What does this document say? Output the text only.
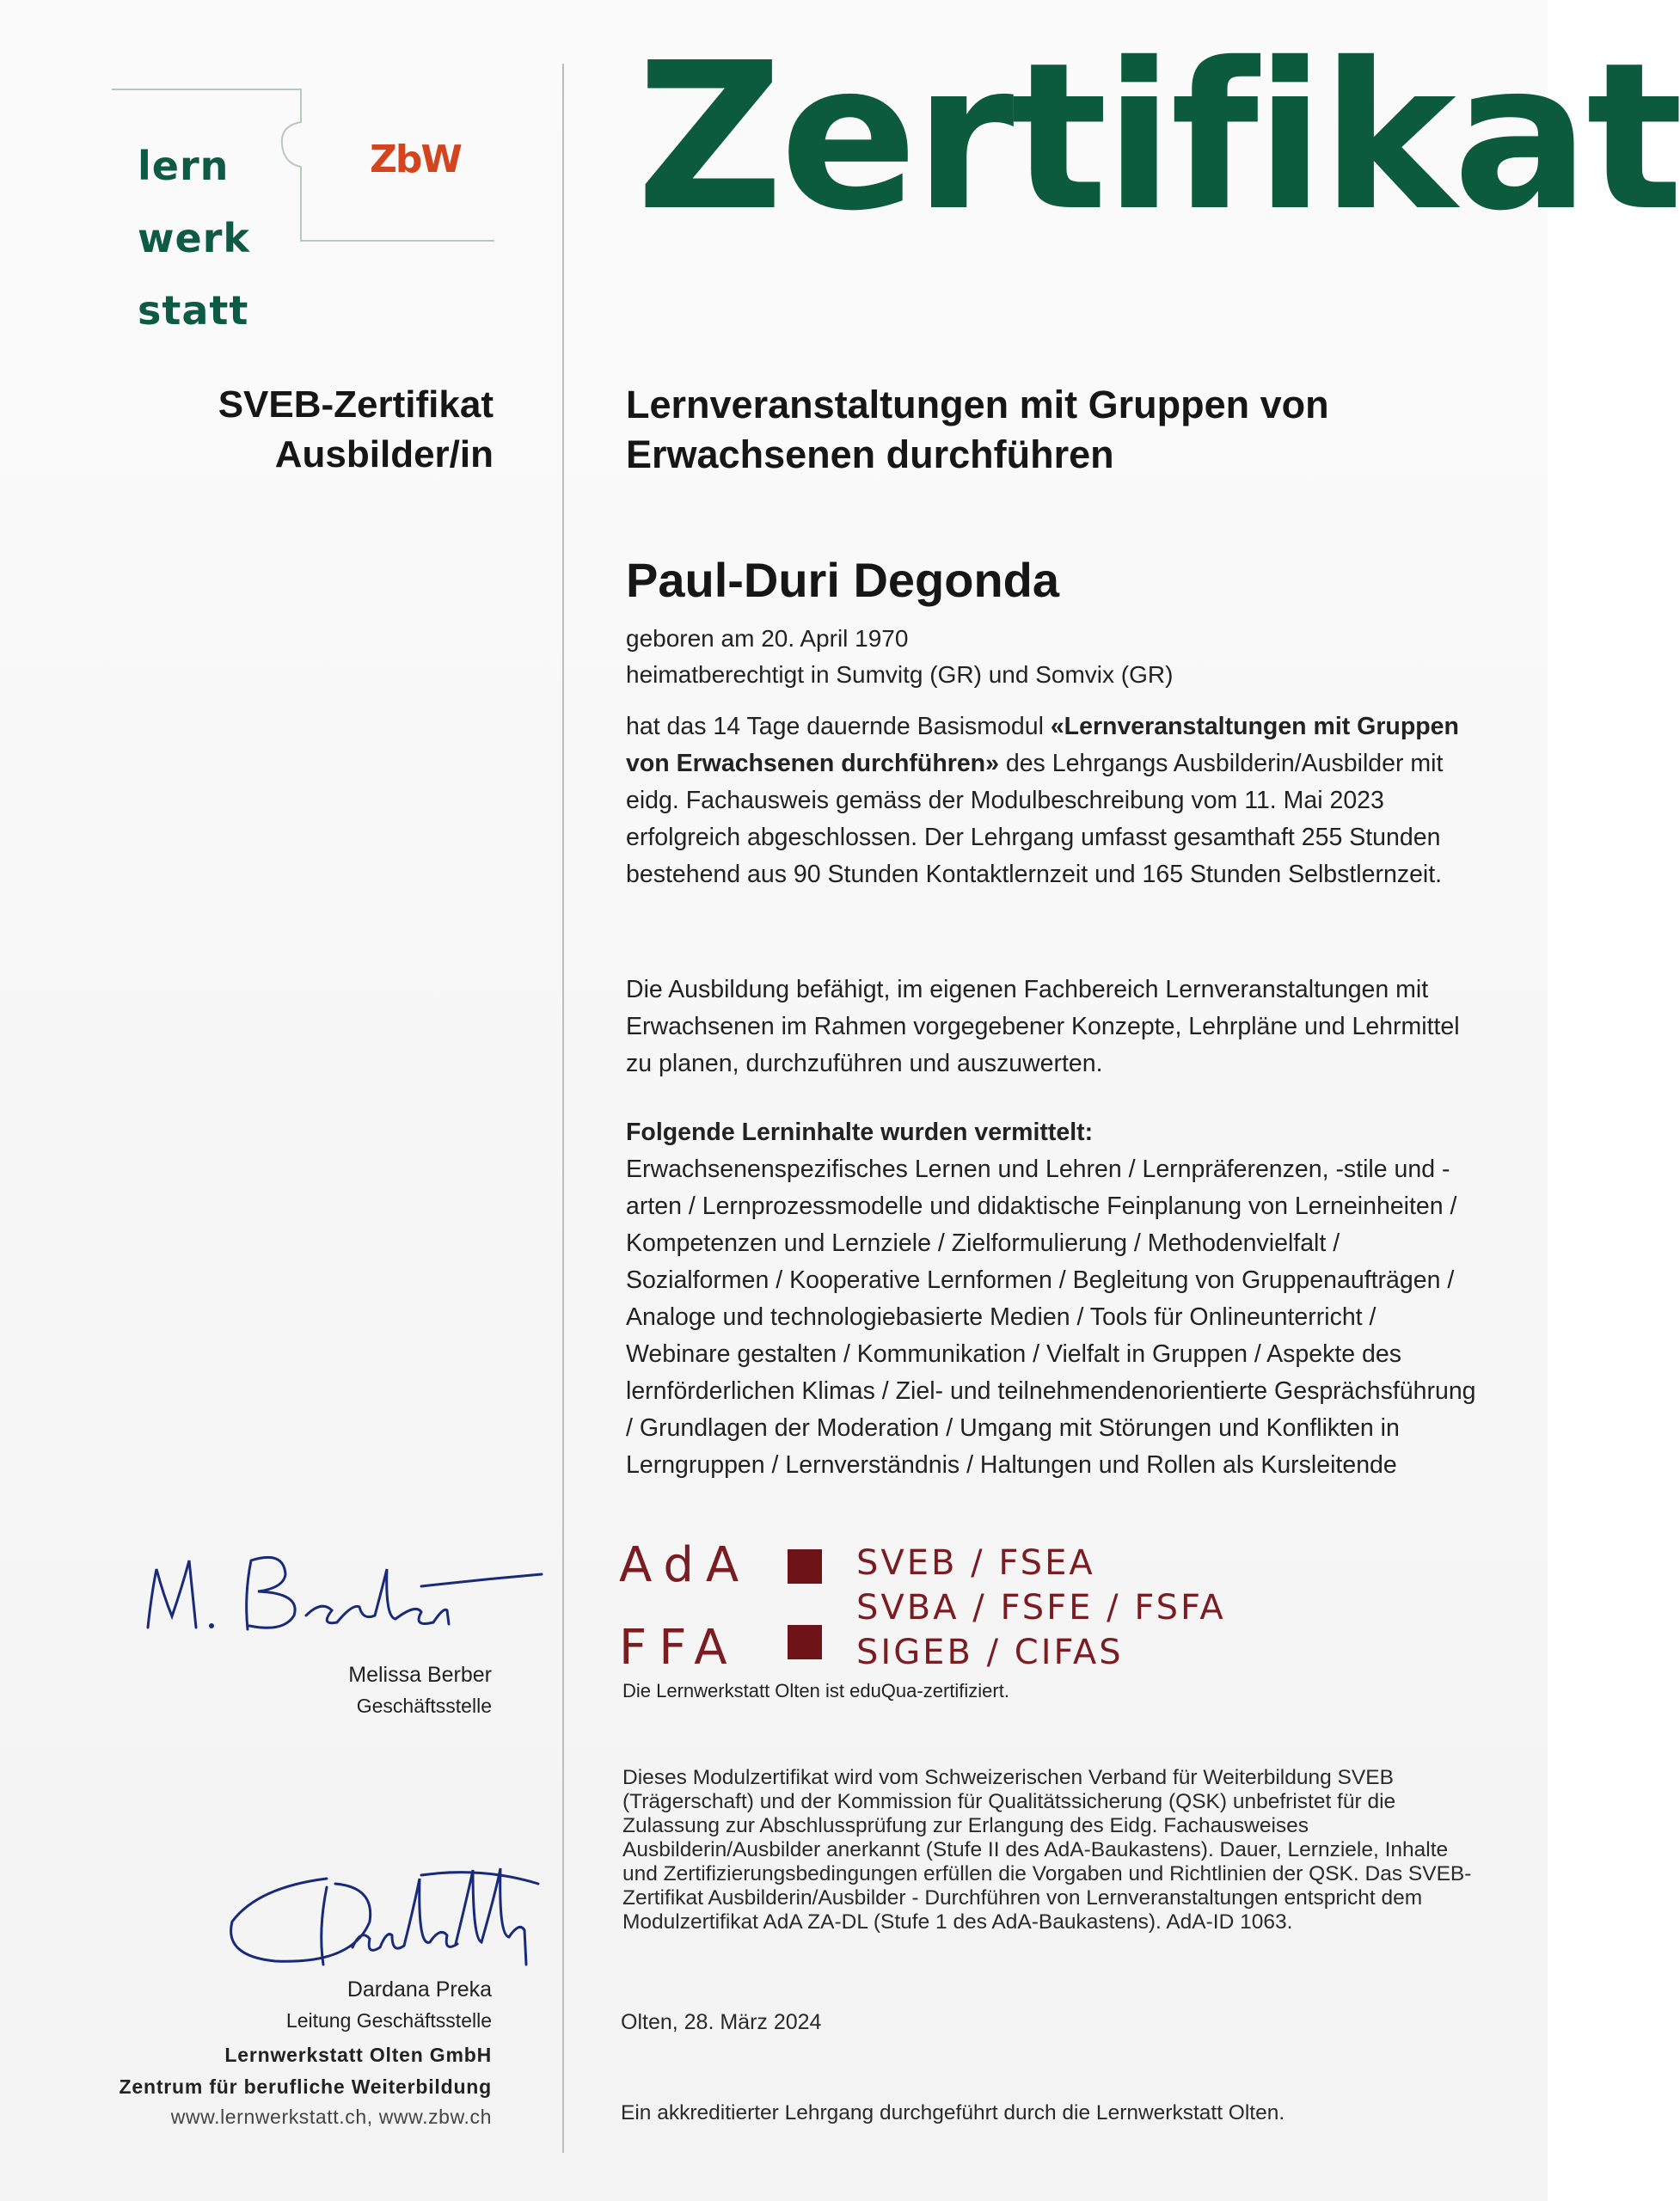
lern

werk

statt

ZbW Zertifikat
SVEB-Zertifikat
Ausbilder/in
Lernveranstaltungen mit Gruppen von
Erwachsenen durchführen
Paul-Duri Degonda
geboren am 20. April 1970
heimatberechtigt in Sumvitg (GR) und Somvix (GR)
hat das 14 Tage dauernde Basismodul «Lernveranstaltungen mit Gruppen von Erwachsenen durchführen» des Lehrgangs Ausbilderin/Ausbilder mit eidg. Fachausweis gemäss der Modulbeschreibung vom 11. Mai 2023 erfolgreich abgeschlossen. Der Lehrgang umfasst gesamthaft 255 Stunden bestehend aus 90 Stunden Kontaktlernzeit und 165 Stunden Selbstlernzeit.
Die Ausbildung befähigt, im eigenen Fachbereich Lernveranstaltungen mit Erwachsenen im Rahmen vorgegebener Konzepte, Lehrpläne und Lehrmittel zu planen, durchzuführen und auszuwerten.
Folgende Lerninhalte wurden vermittelt:
Erwachsenenspezifisches Lernen und Lehren / Lernpräferenzen, -stile und -arten / Lernprozessmodelle und didaktische Feinplanung von Lerneinheiten / Kompetenzen und Lernziele / Zielformulierung / Methodenvielfalt / Sozialformen / Kooperative Lernformen / Begleitung von Gruppenaufträgen / Analoge und technologiebasierte Medien / Tools für Onlineunterricht / Webinare gestalten / Kommunikation / Vielfalt in Gruppen / Aspekte des lernförderlichen Klimas / Ziel- und teilnehmendenorientierte Gesprächsführung / Grundlagen der Moderation / Umgang mit Störungen und Konflikten in Lerngruppen / Lernverständnis / Haltungen und Rollen als Kursleitende
Melissa Berber
Geschäftsstelle
Dardana Preka
Leitung Geschäftsstelle
Lernwerkstatt Olten GmbH
Zentrum für berufliche Weiterbildung
www.lernwerkstatt.ch, www.zbw.ch
AdA
FFA
SVEB / FSEA
SVBA / FSFE / FSFA
SIGEB / CIFAS
Die Lernwerkstatt Olten ist eduQua-zertifiziert.
Dieses Modulzertifikat wird vom Schweizerischen Verband für Weiterbildung SVEB (Trägerschaft) und der Kommission für Qualitätssicherung (QSK) unbefristet für die Zulassung zur Abschlussprüfung zur Erlangung des Eidg. Fachausweises Ausbilderin/Ausbilder anerkannt (Stufe II des AdA-Baukastens). Dauer, Lernziele, Inhalte und Zertifizierungsbedingungen erfüllen die Vorgaben und Richtlinien der QSK. Das SVEB-Zertifikat Ausbilderin/Ausbilder - Durchführen von Lernveranstaltungen entspricht dem Modulzertifikat AdA ZA-DL (Stufe 1 des AdA-Baukastens). AdA-ID 1063.
Olten, 28. März 2024
Ein akkreditierter Lehrgang durchgeführt durch die Lernwerkstatt Olten.
